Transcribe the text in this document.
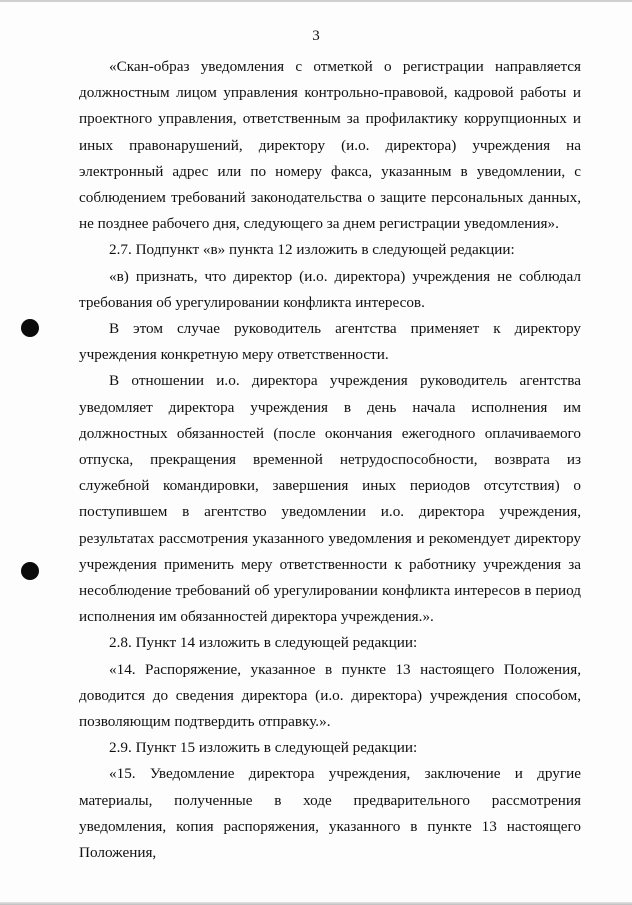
3

«Скан-образ уведомления с отметкой о регистрации направляется должностным лицом управления контрольно-правовой, кадровой работы и проектного управления, ответственным за профилактику коррупционных и иных правонарушений, директору (и.о. директора) учреждения на электронный адрес или по номеру факса, указанным в уведомлении, с соблюдением требований законодательства о защите персональных данных, не позднее рабочего дня, следующего за днем регистрации уведомления».

2.7. Подпункт «в» пункта 12 изложить в следующей редакции:

«в) признать, что директор (и.о. директора) учреждения не соблюдал требования об урегулировании конфликта интересов.

В этом случае руководитель агентства применяет к директору учреждения конкретную меру ответственности.

В отношении и.о. директора учреждения руководитель агентства уведомляет директора учреждения в день начала исполнения им должностных обязанностей (после окончания ежегодного оплачиваемого отпуска, прекращения временной нетрудоспособности, возврата из служебной командировки, завершения иных периодов отсутствия) о поступившем в агентство уведомлении и.о. директора учреждения, результатах рассмотрения указанного уведомления и рекомендует директору учреждения применить меру ответственности к работнику учреждения за несоблюдение требований об урегулировании конфликта интересов в период исполнения им обязанностей директора учреждения.».

2.8. Пункт 14 изложить в следующей редакции:

«14. Распоряжение, указанное в пункте 13 настоящего Положения, доводится до сведения директора (и.о. директора) учреждения способом, позволяющим подтвердить отправку.».

2.9. Пункт 15 изложить в следующей редакции:

«15. Уведомление директора учреждения, заключение и другие материалы, полученные в ходе предварительного рассмотрения уведомления, копия распоряжения, указанного в пункте 13 настоящего Положения,
